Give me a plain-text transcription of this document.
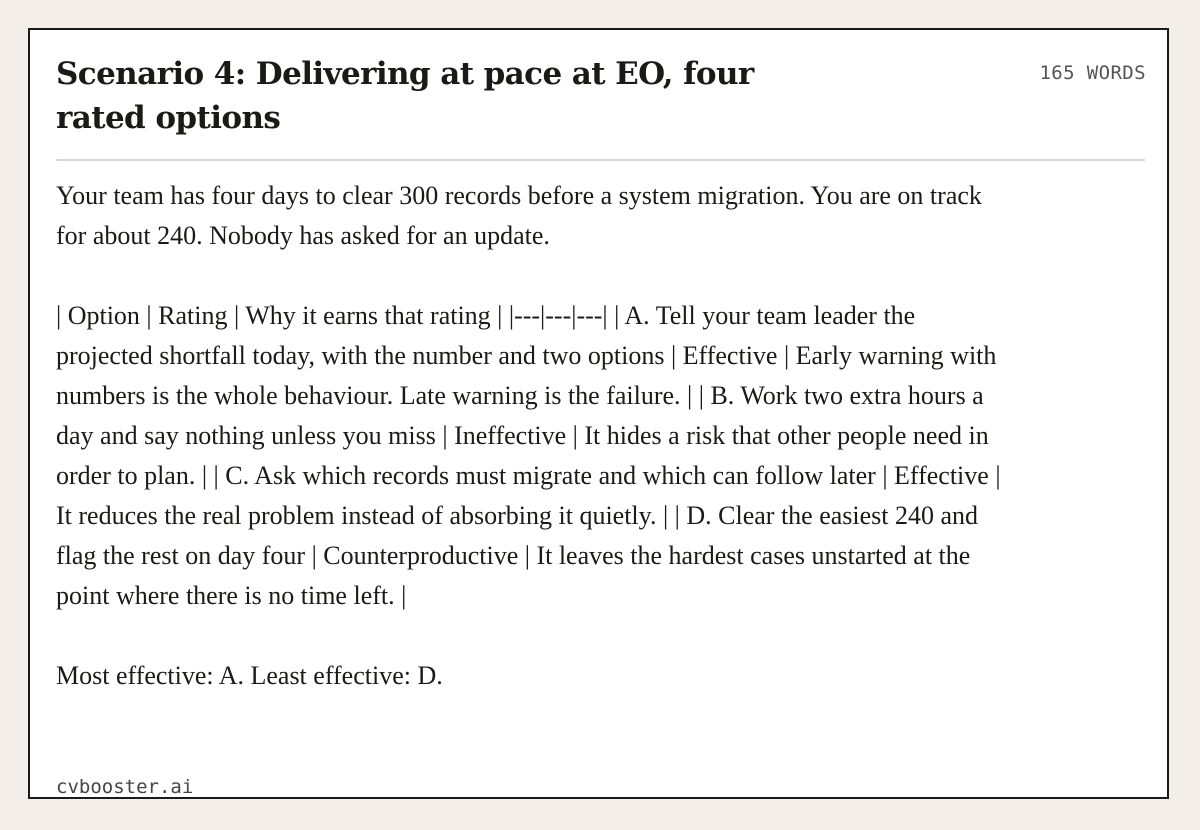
Scenario 4: Delivering at pace at EO, four rated options
165 WORDS

Your team has four days to clear 300 records before a system migration. You are on track for about 240. Nobody has asked for an update.

| Option | Rating | Why it earns that rating | |---|---|---| | A. Tell your team leader the projected shortfall today, with the number and two options | Effective | Early warning with numbers is the whole behaviour. Late warning is the failure. | | B. Work two extra hours a day and say nothing unless you miss | Ineffective | It hides a risk that other people need in order to plan. | | C. Ask which records must migrate and which can follow later | Effective | It reduces the real problem instead of absorbing it quietly. | | D. Clear the easiest 240 and flag the rest on day four | Counterproductive | It leaves the hardest cases unstarted at the point where there is no time left. |

Most effective: A. Least effective: D.

cvbooster.ai
